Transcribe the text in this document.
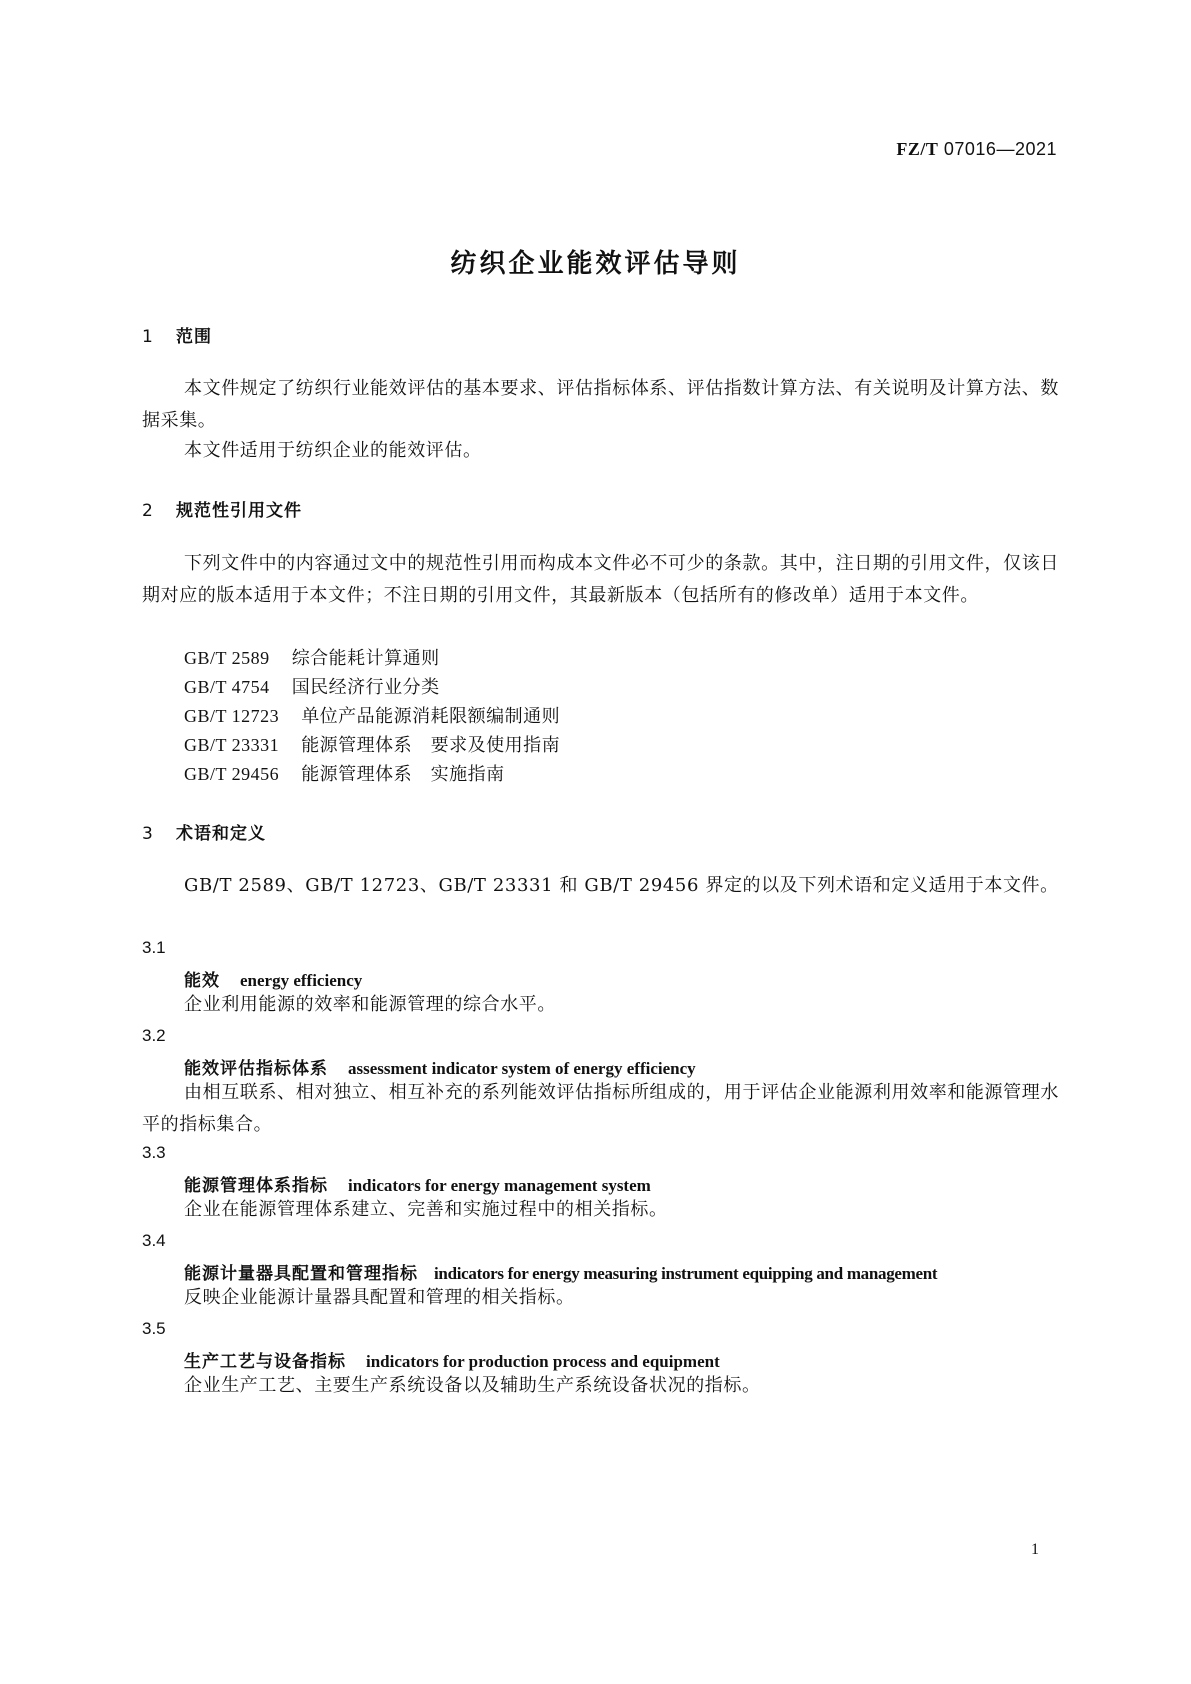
FZ/T 07016—2021
纺织企业能效评估导则
1 范围
本文件规定了纺织行业能效评估的基本要求、评估指标体系、评估指数计算方法、有关说明及计算方法、数据采集。
本文件适用于纺织企业的能效评估。
2 规范性引用文件
下列文件中的内容通过文中的规范性引用而构成本文件必不可少的条款。其中，注日期的引用文件，仅该日期对应的版本适用于本文件；不注日期的引用文件，其最新版本（包括所有的修改单）适用于本文件。
GB/T 2589 综合能耗计算通则
GB/T 4754 国民经济行业分类
GB/T 12723 单位产品能源消耗限额编制通则
GB/T 23331 能源管理体系　要求及使用指南
GB/T 29456 能源管理体系　实施指南
3 术语和定义
GB/T 2589、GB/T 12723、GB/T 23331 和 GB/T 29456 界定的以及下列术语和定义适用于本文件。
3.1
能效 energy efficiency
企业利用能源的效率和能源管理的综合水平。
3.2
能效评估指标体系 assessment indicator system of energy efficiency
由相互联系、相对独立、相互补充的系列能效评估指标所组成的，用于评估企业能源利用效率和能源管理水平的指标集合。
3.3
能源管理体系指标 indicators for energy management system
企业在能源管理体系建立、完善和实施过程中的相关指标。
3.4
能源计量器具配置和管理指标 indicators for energy measuring instrument equipping and management
反映企业能源计量器具配置和管理的相关指标。
3.5
生产工艺与设备指标 indicators for production process and equipment
企业生产工艺、主要生产系统设备以及辅助生产系统设备状况的指标。
1
